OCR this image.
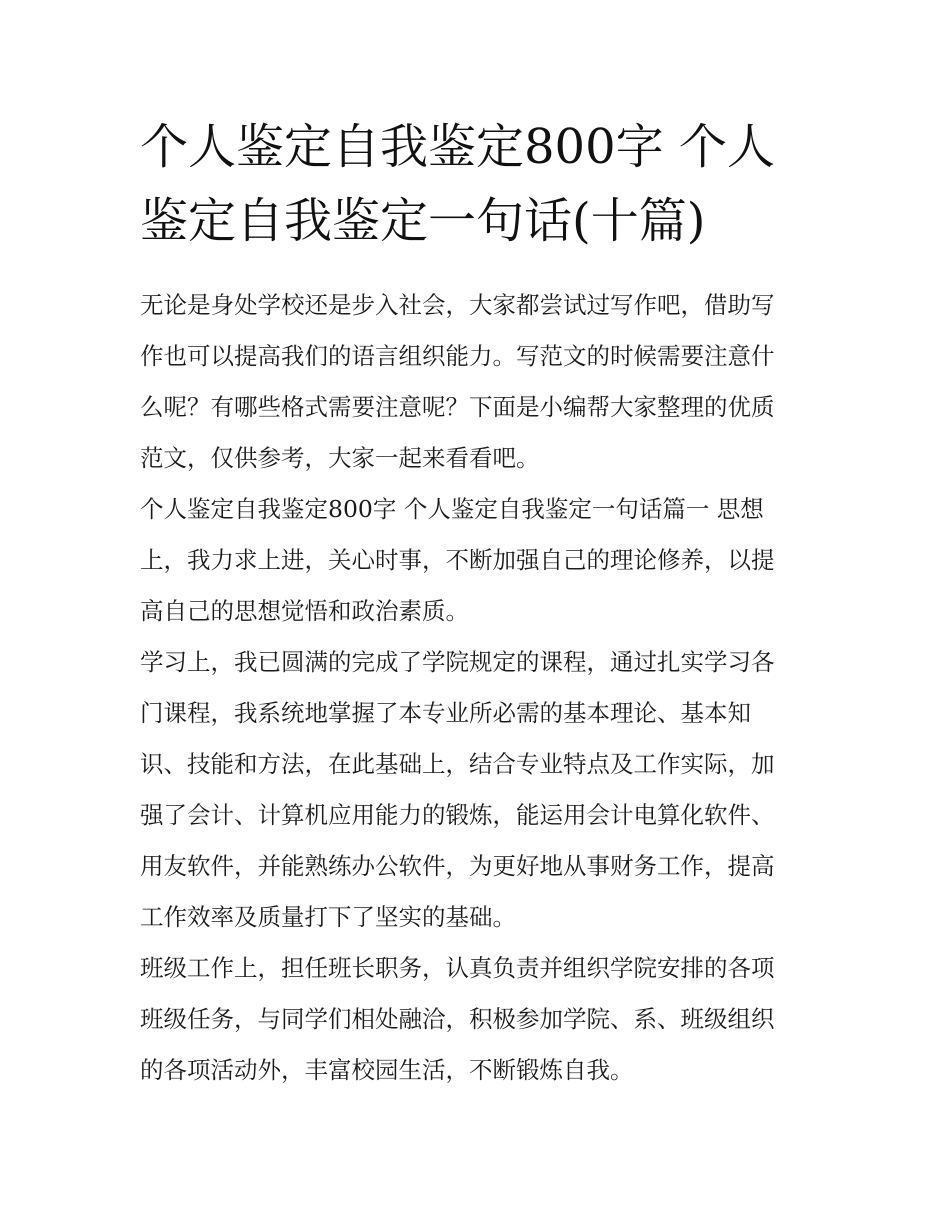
个人鉴定自我鉴定800字 个人
鉴定自我鉴定一句话(十篇)

无论是身处学校还是步入社会，大家都尝试过写作吧，借助写
作也可以提高我们的语言组织能力。写范文的时候需要注意什
么呢？有哪些格式需要注意呢？下面是小编帮大家整理的优质
范文，仅供参考，大家一起来看看吧。

个人鉴定自我鉴定800字 个人鉴定自我鉴定一句话篇一 思想
上，我力求上进，关心时事，不断加强自己的理论修养，以提
高自己的思想觉悟和政治素质。

学习上，我已圆满的完成了学院规定的课程，通过扎实学习各
门课程，我系统地掌握了本专业所必需的基本理论、基本知
识、技能和方法，在此基础上，结合专业特点及工作实际，加
强了会计、计算机应用能力的锻炼，能运用会计电算化软件、
用友软件，并能熟练办公软件，为更好地从事财务工作，提高
工作效率及质量打下了坚实的基础。

班级工作上，担任班长职务，认真负责并组织学院安排的各项
班级任务，与同学们相处融洽，积极参加学院、系、班级组织
的各项活动外，丰富校园生活，不断锻炼自我。
